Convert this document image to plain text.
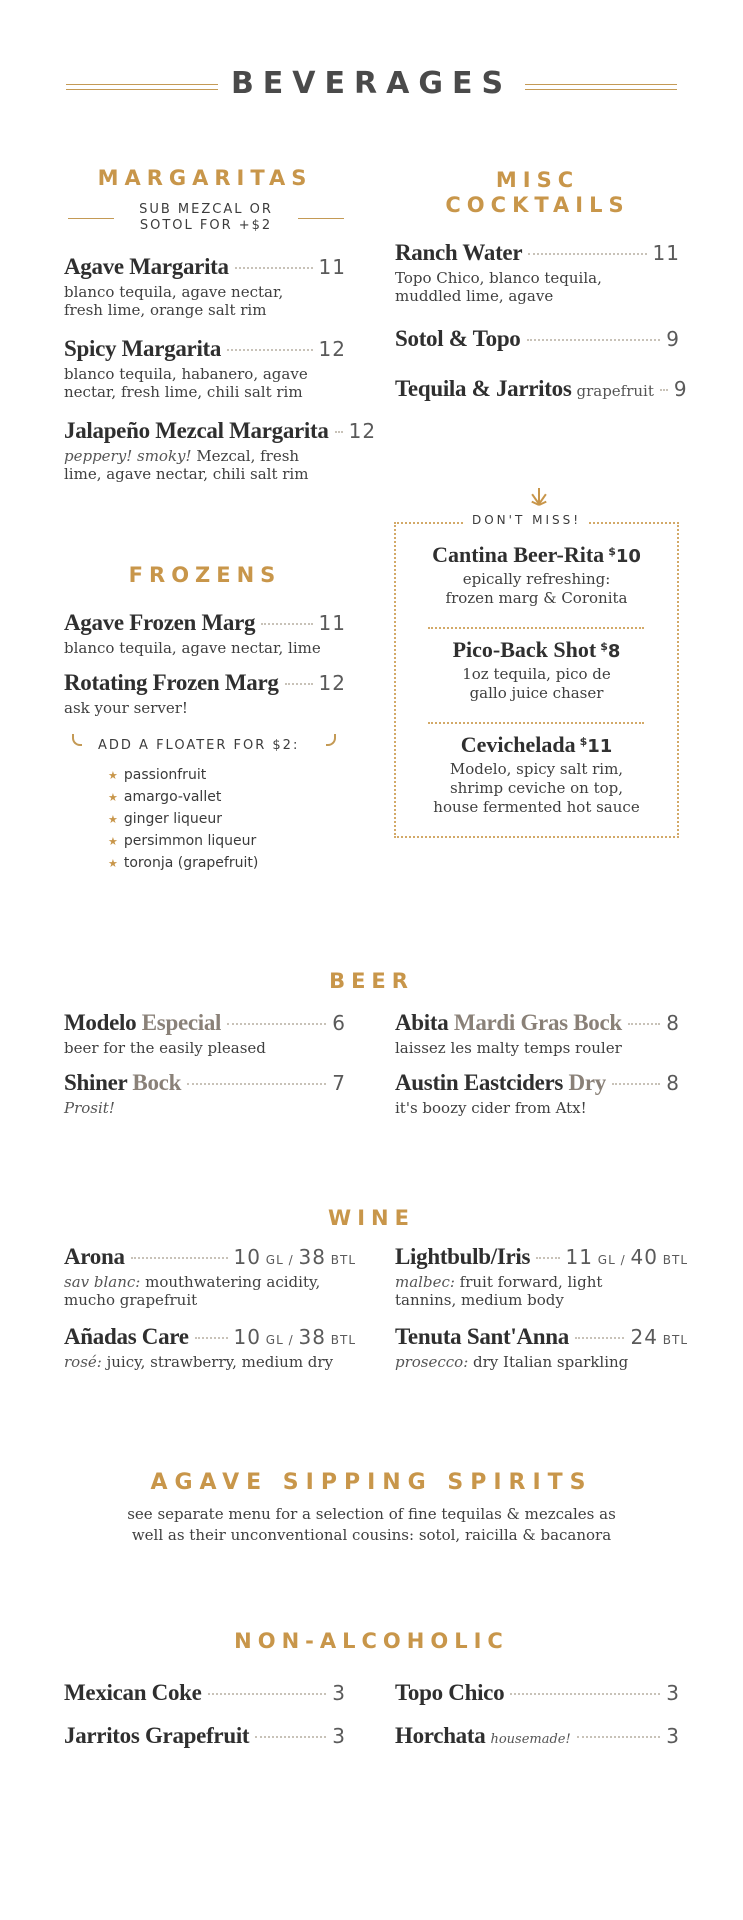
BEVERAGES
MARGARITAS
SUB MEZCAL OR
SOTOL FOR +$2
Agave Margarita	11
blanco tequila, agave nectar,
fresh lime, orange salt rim
Spicy Margarita	12
blanco tequila, habanero, agave
nectar, fresh lime, chili salt rim
Jalapeño Mezcal Margarita 12
peppery! smoky! Mezcal, fresh
lime, agave nectar, chili salt rim
MISC
COCKTAILS
Ranch Water	11
Topo Chico, blanco tequila,
muddled lime, agave
Sotol & Topo	9
Tequila & Jarritos grapefruit 9
FROZENS
Agave Frozen Marg	11
blanco tequila, agave nectar, lime
Rotating Frozen Marg 12
ask your server!
ADD A FLOATER FOR $2:
★ passionfruit
★ amargo-vallet
★ ginger liqueur
★ persimmon liqueur
★ toronja (grapefruit)
DON'T MISS!
Cantina Beer-Rita $10
epically refreshing:
frozen marg & Coronita
Pico-Back Shot $8
1oz tequila, pico de
gallo juice chaser
Cevichelada $11
Modelo, spicy salt rim,
shrimp ceviche on top,
house fermented hot sauce
BEER
Modelo Especial	6
beer for the easily pleased
Abita Mardi Gras Bock 8
laissez les malty temps rouler
Shiner Bock	7
Prosit!
Austin Eastciders Dry	8
it's boozy cider from Atx!
WINE
Arona	10 GL / 38 BTL
sav blanc: mouthwatering acidity,
mucho grapefruit
Lightbulb/Iris 11 GL / 40 BTL
malbec: fruit forward, light
tannins, medium body
Añadas Care 10 GL / 38 BTL
rosé: juicy, strawberry, medium dry
Tenuta Sant'Anna	24 BTL
prosecco: dry Italian sparkling
AGAVE SIPPING SPIRITS
see separate menu for a selection of fine tequilas & mezcales as
well as their unconventional cousins: sotol, raicilla & bacanora
NON-ALCOHOLIC
Mexican Coke	3 Topo Chico	3
Jarritos Grapefruit	3 Horchata housemade!	3
